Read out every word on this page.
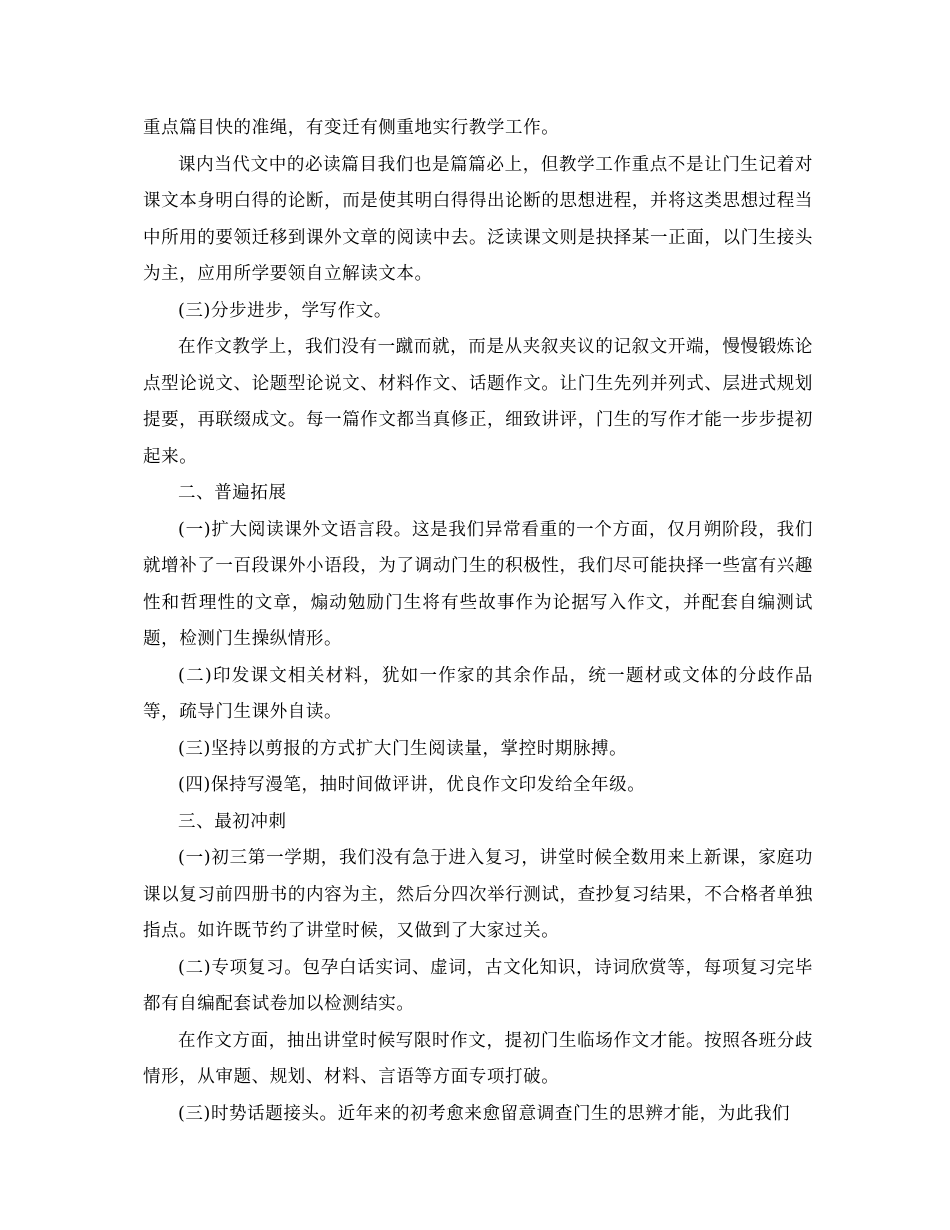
重点篇目快的准绳，有变迁有侧重地实行教学工作。

课内当代文中的必读篇目我们也是篇篇必上，但教学工作重点不是让门生记着对课文本身明白得的论断，而是使其明白得得出论断的思想进程，并将这类思想过程当中所用的要领迁移到课外文章的阅读中去。泛读课文则是抉择某一正面，以门生接头为主，应用所学要领自立解读文本。

(三)分步进步，学写作文。

在作文教学上，我们没有一蹴而就，而是从夹叙夹议的记叙文开端，慢慢锻炼论点型论说文、论题型论说文、材料作文、话题作文。让门生先列并列式、层进式规划提要，再联缀成文。每一篇作文都当真修正，细致讲评，门生的写作才能一步步提初起来。

二、普遍拓展

(一)扩大阅读课外文语言段。这是我们异常看重的一个方面，仅月朔阶段，我们就增补了一百段课外小语段，为了调动门生的积极性，我们尽可能抉择一些富有兴趣性和哲理性的文章，煽动勉励门生将有些故事作为论据写入作文，并配套自编测试题，检测门生操纵情形。

(二)印发课文相关材料，犹如一作家的其余作品，统一题材或文体的分歧作品等，疏导门生课外自读。

(三)坚持以剪报的方式扩大门生阅读量，掌控时期脉搏。

(四)保持写漫笔，抽时间做评讲，优良作文印发给全年级。

三、最初冲刺

(一)初三第一学期，我们没有急于进入复习，讲堂时候全数用来上新课，家庭功课以复习前四册书的内容为主，然后分四次举行测试，查抄复习结果，不合格者单独指点。如许既节约了讲堂时候，又做到了大家过关。

(二)专项复习。包孕白话实词、虚词，古文化知识，诗词欣赏等，每项复习完毕都有自编配套试卷加以检测结实。

在作文方面，抽出讲堂时候写限时作文，提初门生临场作文才能。按照各班分歧情形，从审题、规划、材料、言语等方面专项打破。

(三)时势话题接头。近年来的初考愈来愈留意调查门生的思辨才能，为此我们
